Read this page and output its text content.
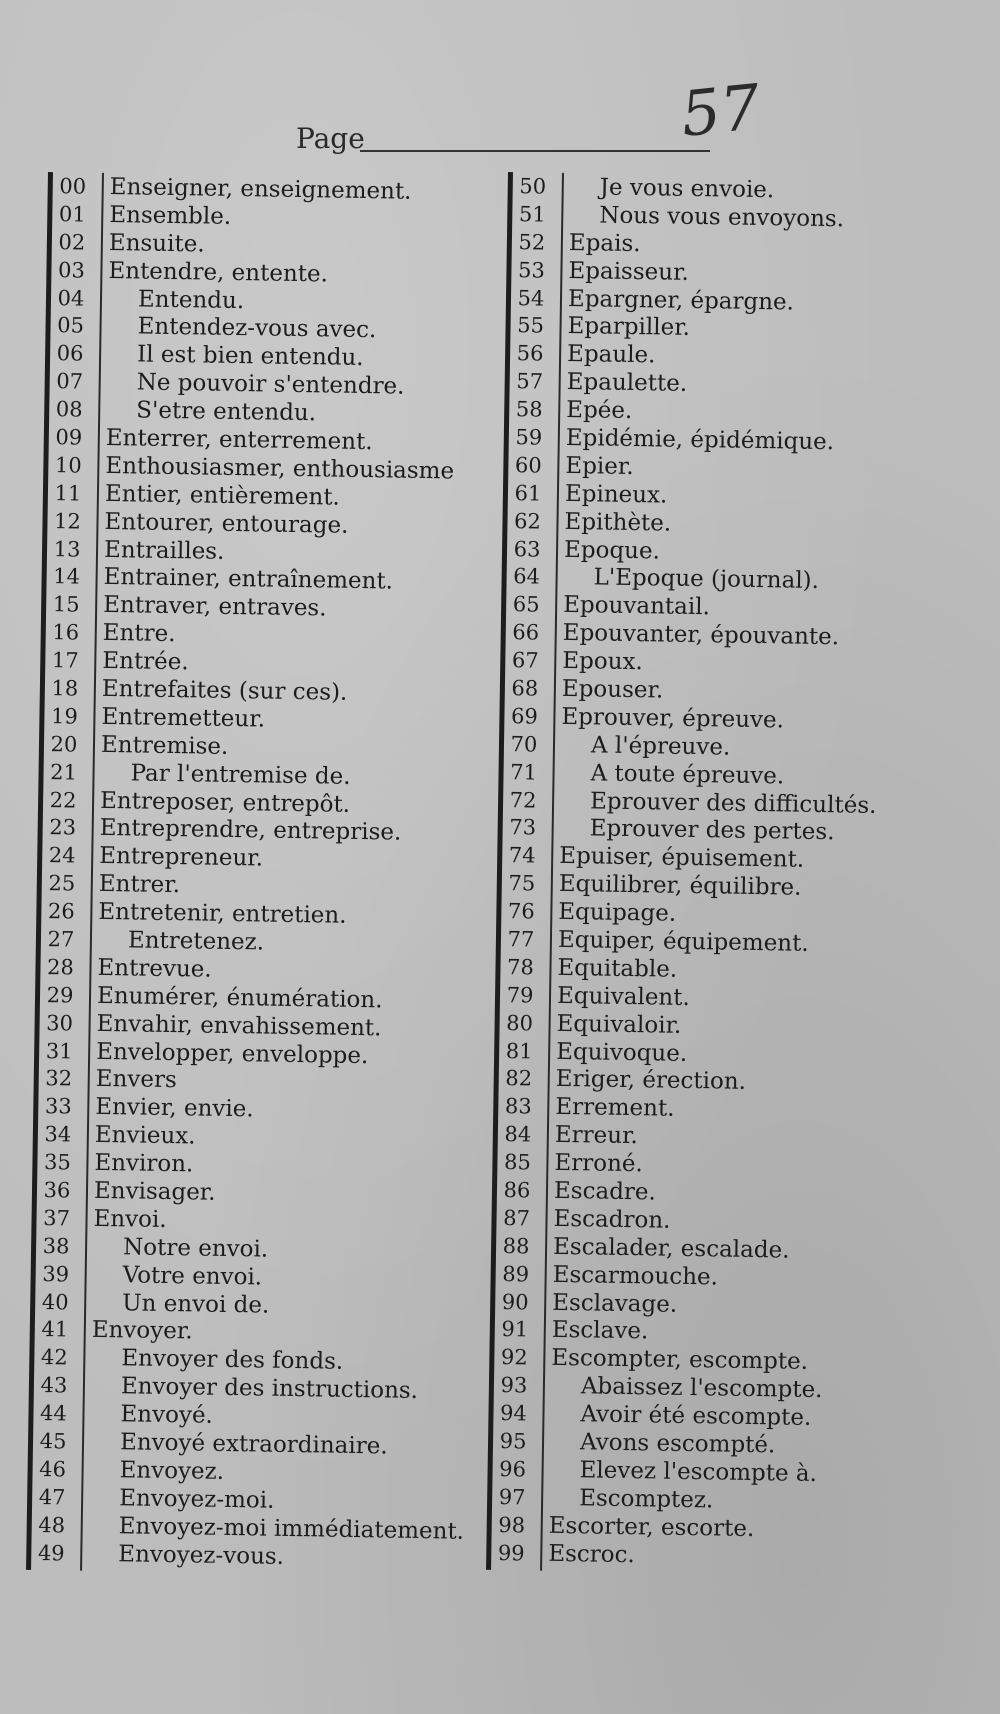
Page	57
00	Enseigner, enseignement.
01	Ensemble.
02	Ensuite.
03	Entendre, entente.
04	Entendu.
05	Entendez-vous avec.
06	Il est bien entendu.
07	Ne pouvoir s'entendre.
08	S'etre entendu.
09	Enterrer, enterrement.
10	Enthousiasmer, enthousiasme
11	Entier, entièrement.
12	Entourer, entourage.
13	Entrailles.
14	Entrainer, entraînement.
15	Entraver, entraves.
16	Entre.
17	Entrée.
18	Entrefaites (sur ces).
19	Entremetteur.
20	Entremise.
21	Par l'entremise de.
22	Entreposer, entrepôt.
23	Entreprendre, entreprise.
24	Entrepreneur.
25	Entrer.
26	Entretenir, entretien.
27	Entretenez.
28	Entrevue.
29	Enumérer, énumération.
30	Envahir, envahissement.
31	Envelopper, enveloppe.
32	Envers
33	Envier, envie.
34	Envieux.
35	Environ.
36	Envisager.
37	Envoi.
38	Notre envoi.
39	Votre envoi.
40	Un envoi de.
41	Envoyer.
42	Envoyer des fonds.
43	Envoyer des instructions.
44	Envoyé.
45	Envoyé extraordinaire.
46	Envoyez.
47	Envoyez-moi.
48	Envoyez-moi immédiatement.
49	Envoyez-vous.
50	Je vous envoie.
51	Nous vous envoyons.
52	Epais.
53	Epaisseur.
54	Epargner, épargne.
55	Eparpiller.
56	Epaule.
57	Epaulette.
58	Epée.
59	Epidémie, épidémique.
60	Epier.
61	Epineux.
62	Epithète.
63	Epoque.
64	L'Epoque (journal).
65	Epouvantail.
66	Epouvanter, épouvante.
67	Epoux.
68	Epouser.
69	Eprouver, épreuve.
70	A l'épreuve.
71	A toute épreuve.
72	Eprouver des difficultés.
73	Eprouver des pertes.
74	Epuiser, épuisement.
75	Equilibrer, équilibre.
76	Equipage.
77	Equiper, équipement.
78	Equitable.
79	Equivalent.
80	Equivaloir.
81	Equivoque.
82	Eriger, érection.
83	Errement.
84	Erreur.
85	Erroné.
86	Escadre.
87	Escadron.
88	Escalader, escalade.
89	Escarmouche.
90	Esclavage.
91	Esclave.
92	Escompter, escompte.
93	Abaissez l'escompte.
94	Avoir été escompte.
95	Avons escompté.
96	Elevez l'escompte à.
97	Escomptez.
98	Escorter, escorte.
99	Escroc.
